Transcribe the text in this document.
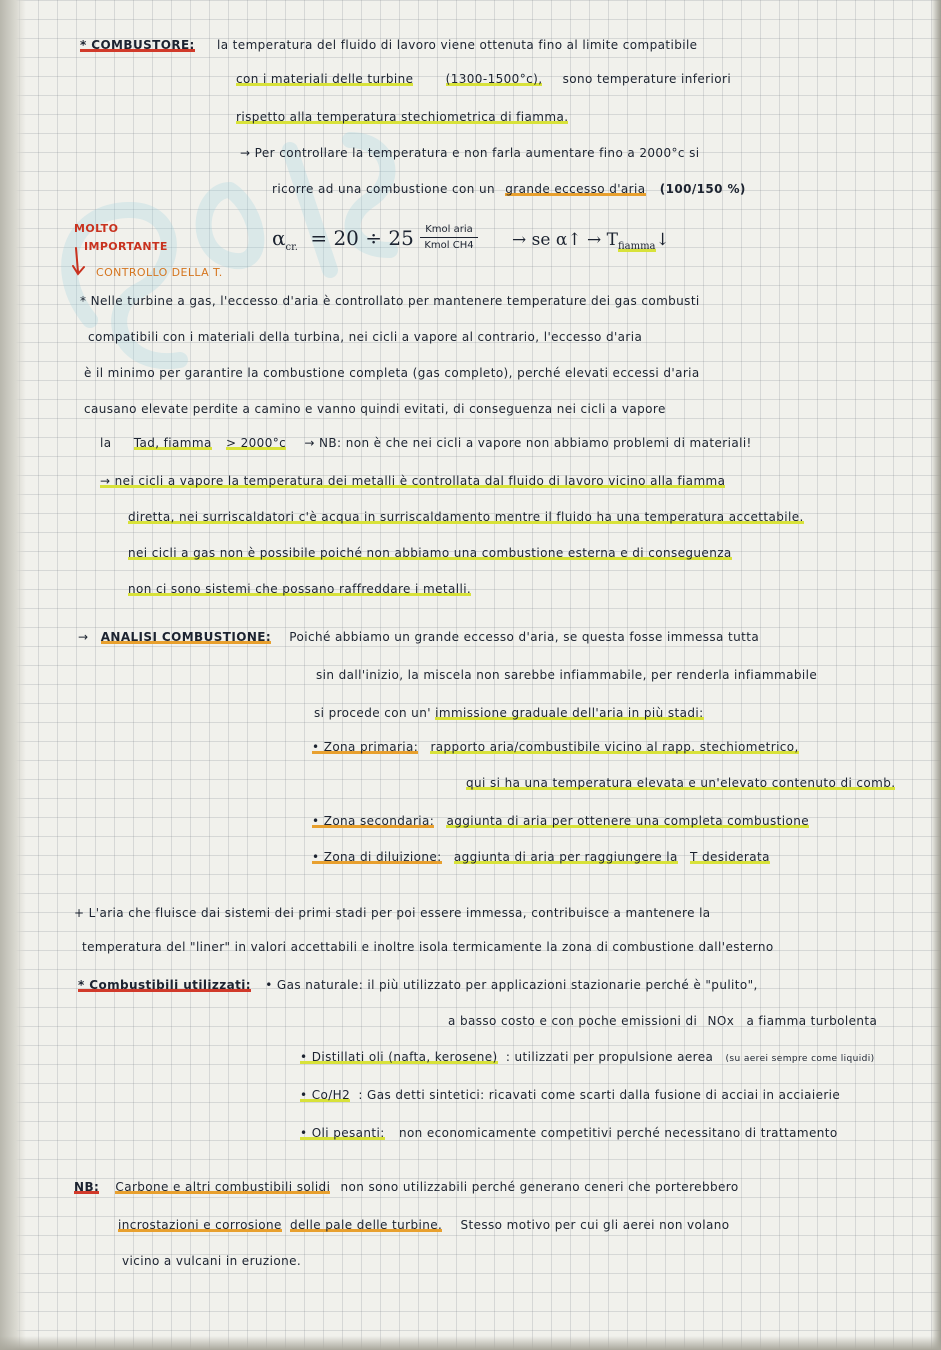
* COMBUSTORE: la temperatura del fluido di lavoro viene ottenuta fino al limite compatibile
con i materiali delle turbine	(1300-1500°c), sono temperature inferiori
rispetto alla temperatura stechiometrica di fiamma.
→ Per controllare la temperatura e non farla aumentare fino a 2000°c si
ricorre ad una combustione con un grande eccesso d'aria (100/150 %)
MOLTO
IMPORTANTE
CONTROLLO DELLA T.
$\alpha_{cr.} = 20 \div 25$	Kmol aria
Kmol CH4 → se α↑ → $T_{fiamma}↓$
* Nelle turbine a gas, l'eccesso d'aria è controllato per mantenere temperature dei gas combusti
compatibili con i materiali della turbina, nei cicli a vapore al contrario, l'eccesso d'aria
è il minimo per garantire la combustione completa (gas completo), perché elevati eccessi d'aria
causano elevate perdite a camino e vanno quindi evitati, di conseguenza nei cicli a vapore
la Tad, fiamma > 2000°c → NB: non è che nei cicli a vapore non abbiamo problemi di materiali!
→ nei cicli a vapore la temperatura dei metalli è controllata dal fluido di lavoro vicino alla fiamma
diretta, nei surriscaldatori c'è acqua in surriscaldamento mentre il fluido ha una temperatura accettabile.
nei cicli a gas non è possibile poiché non abbiamo una combustione esterna e di conseguenza
non ci sono sistemi che possano raffreddare i metalli.
→ ANALISI COMBUSTIONE: Poiché abbiamo un grande eccesso d'aria, se questa fosse immessa tutta
sin dall'inizio, la miscela non sarebbe infiammabile, per renderla infiammabile
si procede con un' immissione graduale dell'aria in più stadi:
• Zona primaria: rapporto aria/combustibile vicino al rapp. stechiometrico,
qui si ha una temperatura elevata e un'elevato contenuto di comb.
• Zona secondaria: aggiunta di aria per ottenere una completa combustione
• Zona di diluizione: aggiunta di aria per raggiungere la T desiderata
+ L'aria che fluisce dai sistemi dei primi stadi per poi essere immessa, contribuisce a mantenere la
temperatura del "liner" in valori accettabili e inoltre isola termicamente la zona di combustione dall'esterno
* Combustibili utilizzati: • Gas naturale: il più utilizzato per applicazioni stazionarie perché è "pulito",
a basso costo e con poche emissioni di NOx a fiamma turbolenta
• Distillati oli (nafta, kerosene) : utilizzati per propulsione aerea (su aerei sempre come liquidi)
• Co/H2 : Gas detti sintetici: ricavati come scarti dalla fusione di acciai in acciaierie
• Oli pesanti: non economicamente competitivi perché necessitano di trattamento
NB: Carbone e altri combustibili solidi non sono utilizzabili perché generano ceneri che porterebbero
incrostazioni e corrosione delle pale delle turbine. Stesso motivo per cui gli aerei non volano
vicino a vulcani in eruzione.
